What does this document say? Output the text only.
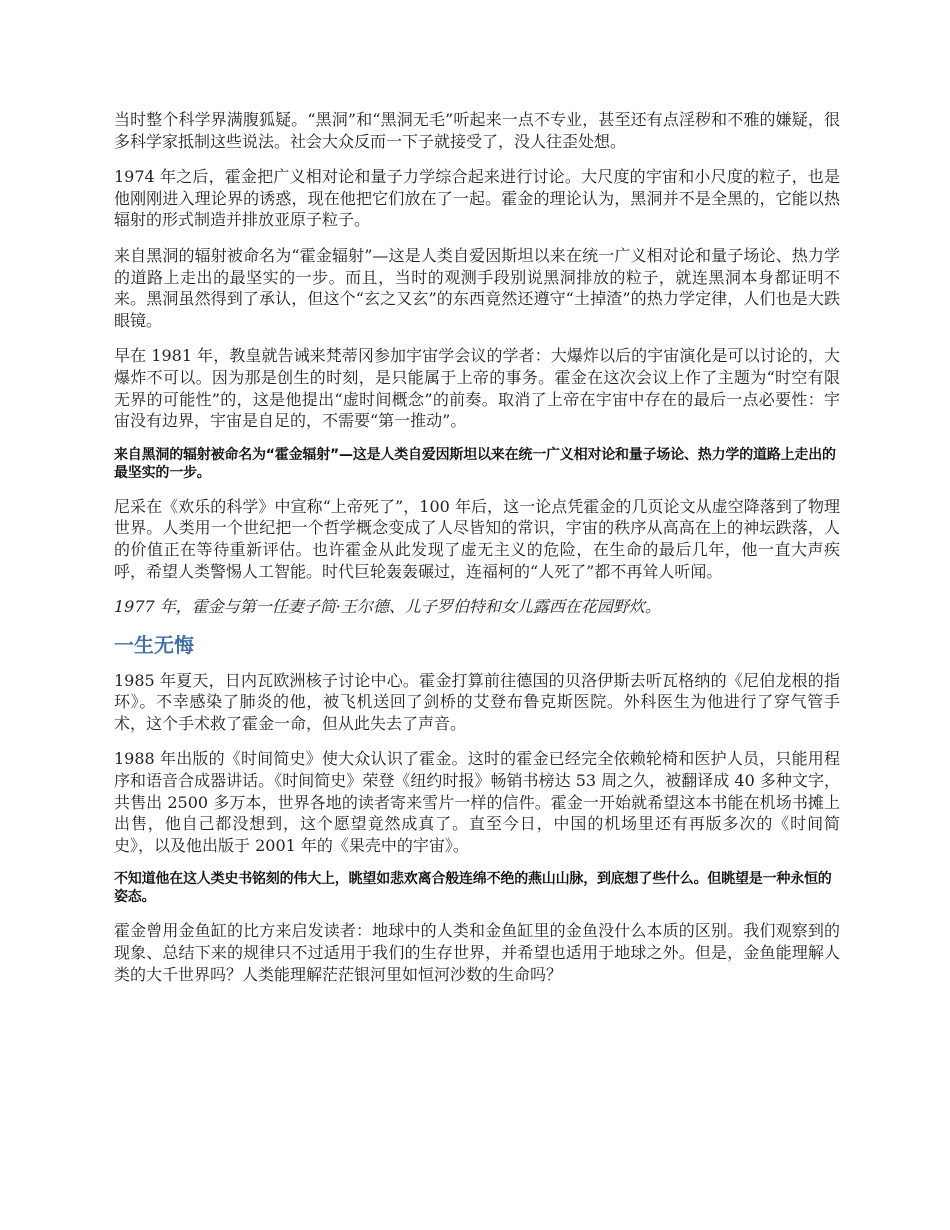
当时整个科学界满腹狐疑。“黑洞”和“黑洞无毛”听起来一点不专业，甚至还有点淫秽和不雅的嫌疑，很多科学家抵制这些说法。社会大众反而一下子就接受了，没人往歪处想。

1974 年之后，霍金把广义相对论和量子力学综合起来进行讨论。大尺度的宇宙和小尺度的粒子，也是他刚刚进入理论界的诱惑，现在他把它们放在了一起。霍金的理论认为，黑洞并不是全黑的，它能以热辐射的形式制造并排放亚原子粒子。

来自黑洞的辐射被命名为“霍金辐射”—这是人类自爱因斯坦以来在统一广义相对论和量子场论、热力学的道路上走出的最坚实的一步。而且，当时的观测手段别说黑洞排放的粒子，就连黑洞本身都证明不来。黑洞虽然得到了承认，但这个“玄之又玄”的东西竟然还遵守“土掉渣”的热力学定律，人们也是大跌眼镜。

早在 1981 年，教皇就告诫来梵蒂冈参加宇宙学会议的学者：大爆炸以后的宇宙演化是可以讨论的，大爆炸不可以。因为那是创生的时刻，是只能属于上帝的事务。霍金在这次会议上作了主题为“时空有限无界的可能性”的，这是他提出“虚时间概念”的前奏。取消了上帝在宇宙中存在的最后一点必要性：宇宙没有边界，宇宙是自足的，不需要“第一推动”。

来自黑洞的辐射被命名为“霍金辐射”—这是人类自爱因斯坦以来在统一广义相对论和量子场论、热力学的道路上走出的最坚实的一步。

尼采在《欢乐的科学》中宣称“上帝死了”，100 年后，这一论点凭霍金的几页论文从虚空降落到了物理世界。人类用一个世纪把一个哲学概念变成了人尽皆知的常识，宇宙的秩序从高高在上的神坛跌落，人的价值正在等待重新评估。也许霍金从此发现了虚无主义的危险，在生命的最后几年，他一直大声疾呼，希望人类警惕人工智能。时代巨轮轰轰碾过，连福柯的“人死了”都不再耸人听闻。

1977 年，霍金与第一任妻子简·王尔德、儿子罗伯特和女儿露西在花园野炊。

一生无悔

1985 年夏天，日内瓦欧洲核子讨论中心。霍金打算前往德国的贝洛伊斯去听瓦格纳的《尼伯龙根的指环》。不幸感染了肺炎的他，被飞机送回了剑桥的艾登布鲁克斯医院。外科医生为他进行了穿气管手术，这个手术救了霍金一命，但从此失去了声音。

1988 年出版的《时间简史》使大众认识了霍金。这时的霍金已经完全依赖轮椅和医护人员，只能用程序和语音合成器讲话。《时间简史》荣登《纽约时报》畅销书榜达 53 周之久，被翻译成 40 多种文字，共售出 2500 多万本，世界各地的读者寄来雪片一样的信件。霍金一开始就希望这本书能在机场书摊上出售，他自己都没想到，这个愿望竟然成真了。直至今日，中国的机场里还有再版多次的《时间简史》，以及他出版于 2001 年的《果壳中的宇宙》。

不知道他在这人类史书铭刻的伟大上，眺望如悲欢离合般连绵不绝的燕山山脉，到底想了些什么。但眺望是一种永恒的姿态。

霍金曾用金鱼缸的比方来启发读者：地球中的人类和金鱼缸里的金鱼没什么本质的区别。我们观察到的现象、总结下来的规律只不过适用于我们的生存世界，并希望也适用于地球之外。但是，金鱼能理解人类的大千世界吗？人类能理解茫茫银河里如恒河沙数的生命吗？
